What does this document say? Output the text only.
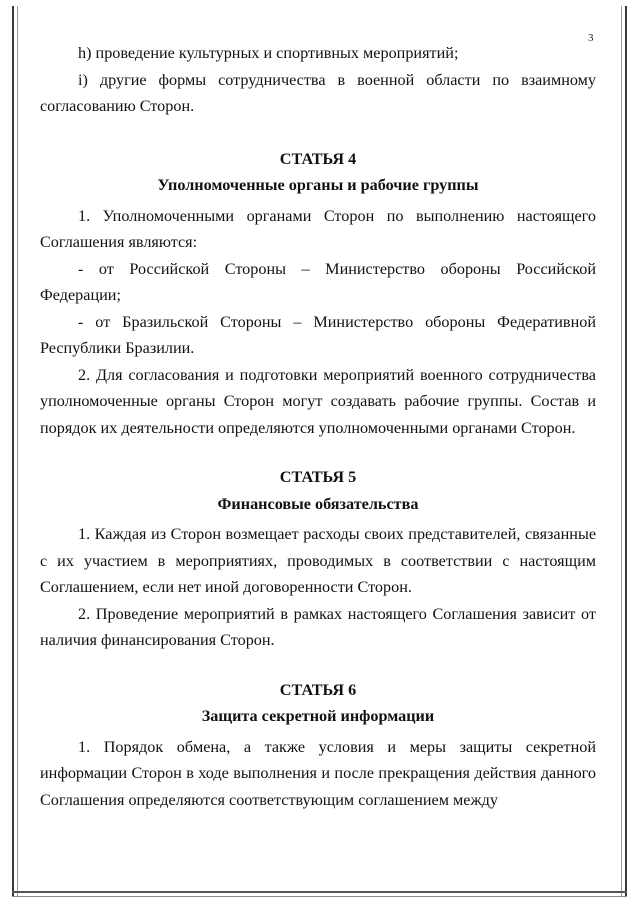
3

h) проведение культурных и спортивных мероприятий;

i) другие формы сотрудничества в военной области по взаимному согласованию Сторон.

СТАТЬЯ 4

Уполномоченные органы и рабочие группы

1. Уполномоченными органами Сторон по выполнению настоящего Соглашения являются:

- от Российской Стороны – Министерство обороны Российской Федерации;

- от Бразильской Стороны – Министерство обороны Федеративной Республики Бразилии.

2. Для согласования и подготовки мероприятий военного сотрудничества уполномоченные органы Сторон могут создавать рабочие группы. Состав и порядок их деятельности определяются уполномоченными органами Сторон.

СТАТЬЯ 5

Финансовые обязательства

1. Каждая из Сторон возмещает расходы своих представителей, связанные с их участием в мероприятиях, проводимых в соответствии с настоящим Соглашением, если нет иной договоренности Сторон.

2. Проведение мероприятий в рамках настоящего Соглашения зависит от наличия финансирования Сторон.

СТАТЬЯ 6

Защита секретной информации

1. Порядок обмена, а также условия и меры защиты секретной информации Сторон в ходе выполнения и после прекращения действия данного Соглашения определяются соответствующим соглашением между
